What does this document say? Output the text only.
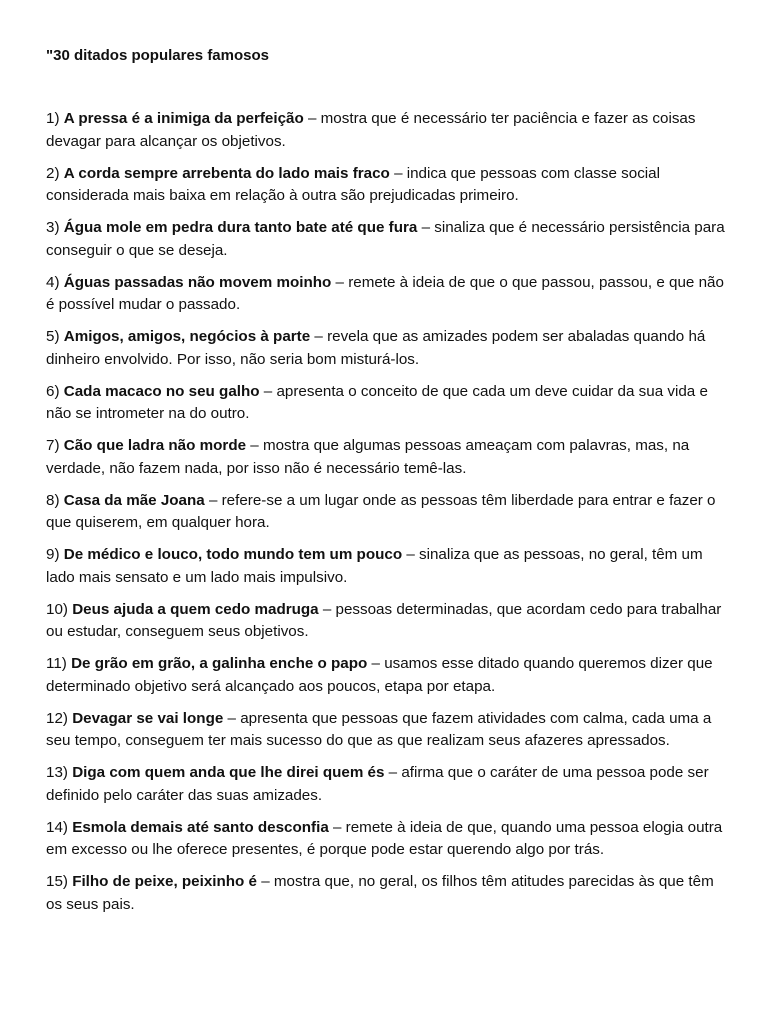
"30 ditados populares famosos

1) A pressa é a inimiga da perfeição – mostra que é necessário ter paciência e fazer as coisas devagar para alcançar os objetivos.
2) A corda sempre arrebenta do lado mais fraco – indica que pessoas com classe social considerada mais baixa em relação à outra são prejudicadas primeiro.
3) Água mole em pedra dura tanto bate até que fura – sinaliza que é necessário persistência para conseguir o que se deseja.
4) Águas passadas não movem moinho – remete à ideia de que o que passou, passou, e que não é possível mudar o passado.
5) Amigos, amigos, negócios à parte – revela que as amizades podem ser abaladas quando há dinheiro envolvido. Por isso, não seria bom misturá-los.
6) Cada macaco no seu galho – apresenta o conceito de que cada um deve cuidar da sua vida e não se intrometer na do outro.
7) Cão que ladra não morde – mostra que algumas pessoas ameaçam com palavras, mas, na verdade, não fazem nada, por isso não é necessário temê-las.
8) Casa da mãe Joana – refere-se a um lugar onde as pessoas têm liberdade para entrar e fazer o que quiserem, em qualquer hora.
9) De médico e louco, todo mundo tem um pouco – sinaliza que as pessoas, no geral, têm um lado mais sensato e um lado mais impulsivo.
10) Deus ajuda a quem cedo madruga – pessoas determinadas, que acordam cedo para trabalhar ou estudar, conseguem seus objetivos.
11) De grão em grão, a galinha enche o papo – usamos esse ditado quando queremos dizer que determinado objetivo será alcançado aos poucos, etapa por etapa.
12) Devagar se vai longe – apresenta que pessoas que fazem atividades com calma, cada uma a seu tempo, conseguem ter mais sucesso do que as que realizam seus afazeres apressados.
13) Diga com quem anda que lhe direi quem és – afirma que o caráter de uma pessoa pode ser definido pelo caráter das suas amizades.
14) Esmola demais até santo desconfia – remete à ideia de que, quando uma pessoa elogia outra em excesso ou lhe oferece presentes, é porque pode estar querendo algo por trás.
15) Filho de peixe, peixinho é – mostra que, no geral, os filhos têm atitudes parecidas às que têm os seus pais.
